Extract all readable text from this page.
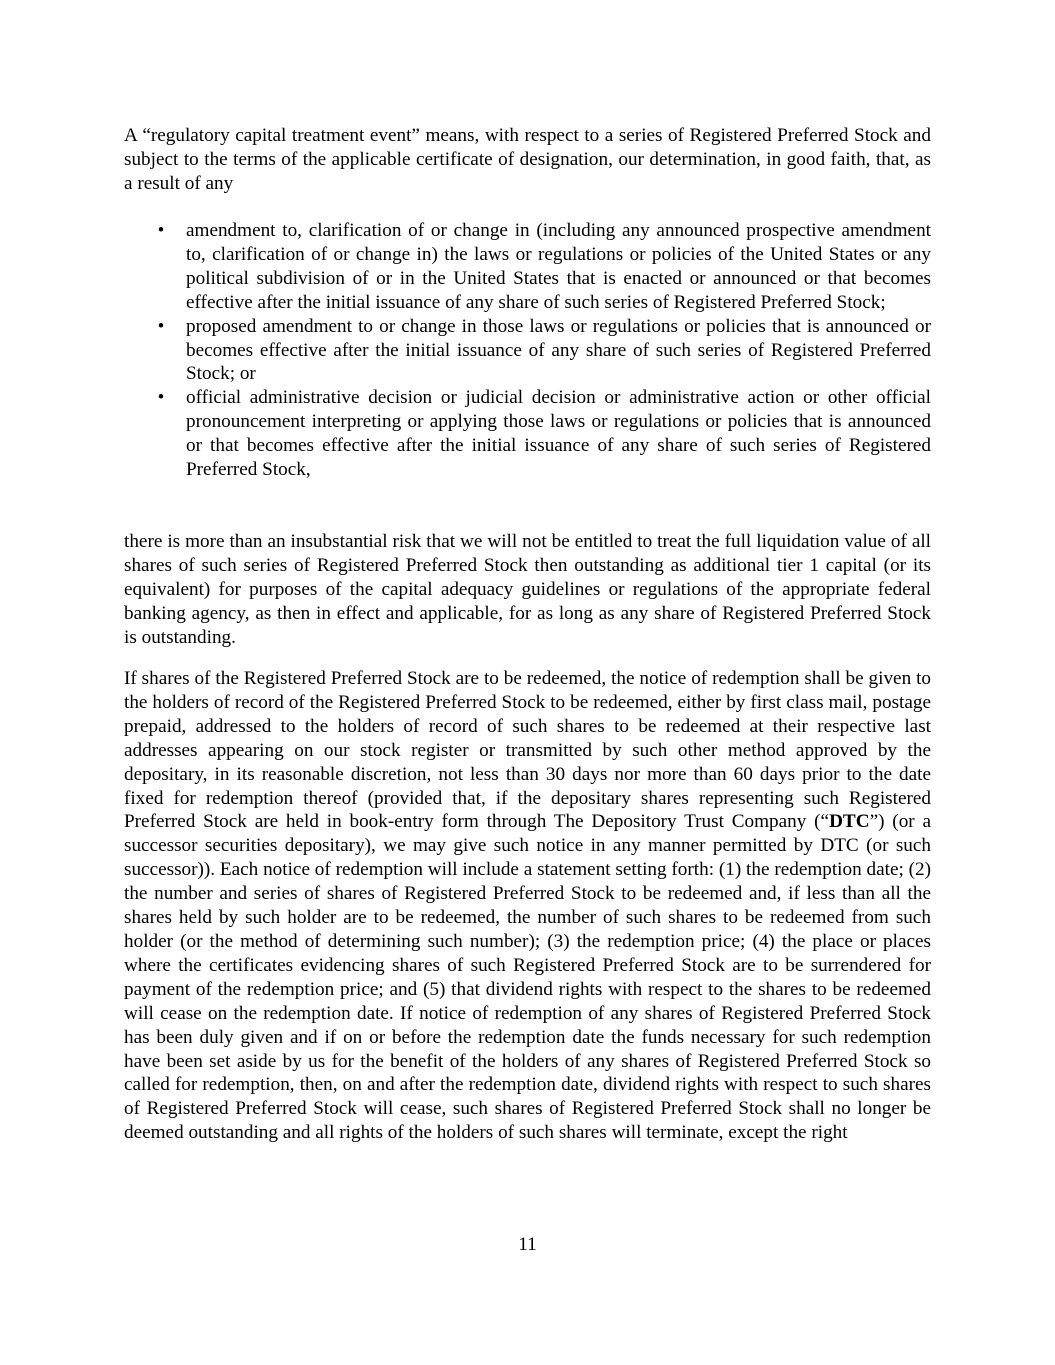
A “regulatory capital treatment event” means, with respect to a series of Registered Preferred Stock and subject to the terms of the applicable certificate of designation, our determination, in good faith, that, as a result of any

• amendment to, clarification of or change in (including any announced prospective amendment to, clarification of or change in) the laws or regulations or policies of the United States or any political subdivision of or in the United States that is enacted or announced or that becomes effective after the initial issuance of any share of such series of Registered Preferred Stock;
• proposed amendment to or change in those laws or regulations or policies that is announced or becomes effective after the initial issuance of any share of such series of Registered Preferred Stock; or
• official administrative decision or judicial decision or administrative action or other official pronouncement interpreting or applying those laws or regulations or policies that is announced or that becomes effective after the initial issuance of any share of such series of Registered Preferred Stock,

there is more than an insubstantial risk that we will not be entitled to treat the full liquidation value of all shares of such series of Registered Preferred Stock then outstanding as additional tier 1 capital (or its equivalent) for purposes of the capital adequacy guidelines or regulations of the appropriate federal banking agency, as then in effect and applicable, for as long as any share of Registered Preferred Stock is outstanding.

If shares of the Registered Preferred Stock are to be redeemed, the notice of redemption shall be given to the holders of record of the Registered Preferred Stock to be redeemed, either by first class mail, postage prepaid, addressed to the holders of record of such shares to be redeemed at their respective last addresses appearing on our stock register or transmitted by such other method approved by the depositary, in its reasonable discretion, not less than 30 days nor more than 60 days prior to the date fixed for redemption thereof (provided that, if the depositary shares representing such Registered Preferred Stock are held in book-entry form through The Depository Trust Company (“DTC”) (or a successor securities depositary), we may give such notice in any manner permitted by DTC (or such successor)). Each notice of redemption will include a statement setting forth: (1) the redemption date; (2) the number and series of shares of Registered Preferred Stock to be redeemed and, if less than all the shares held by such holder are to be redeemed, the number of such shares to be redeemed from such holder (or the method of determining such number); (3) the redemption price; (4) the place or places where the certificates evidencing shares of such Registered Preferred Stock are to be surrendered for payment of the redemption price; and (5) that dividend rights with respect to the shares to be redeemed will cease on the redemption date. If notice of redemption of any shares of Registered Preferred Stock has been duly given and if on or before the redemption date the funds necessary for such redemption have been set aside by us for the benefit of the holders of any shares of Registered Preferred Stock so called for redemption, then, on and after the redemption date, dividend rights with respect to such shares of Registered Preferred Stock will cease, such shares of Registered Preferred Stock shall no longer be deemed outstanding and all rights of the holders of such shares will terminate, except the right

11
